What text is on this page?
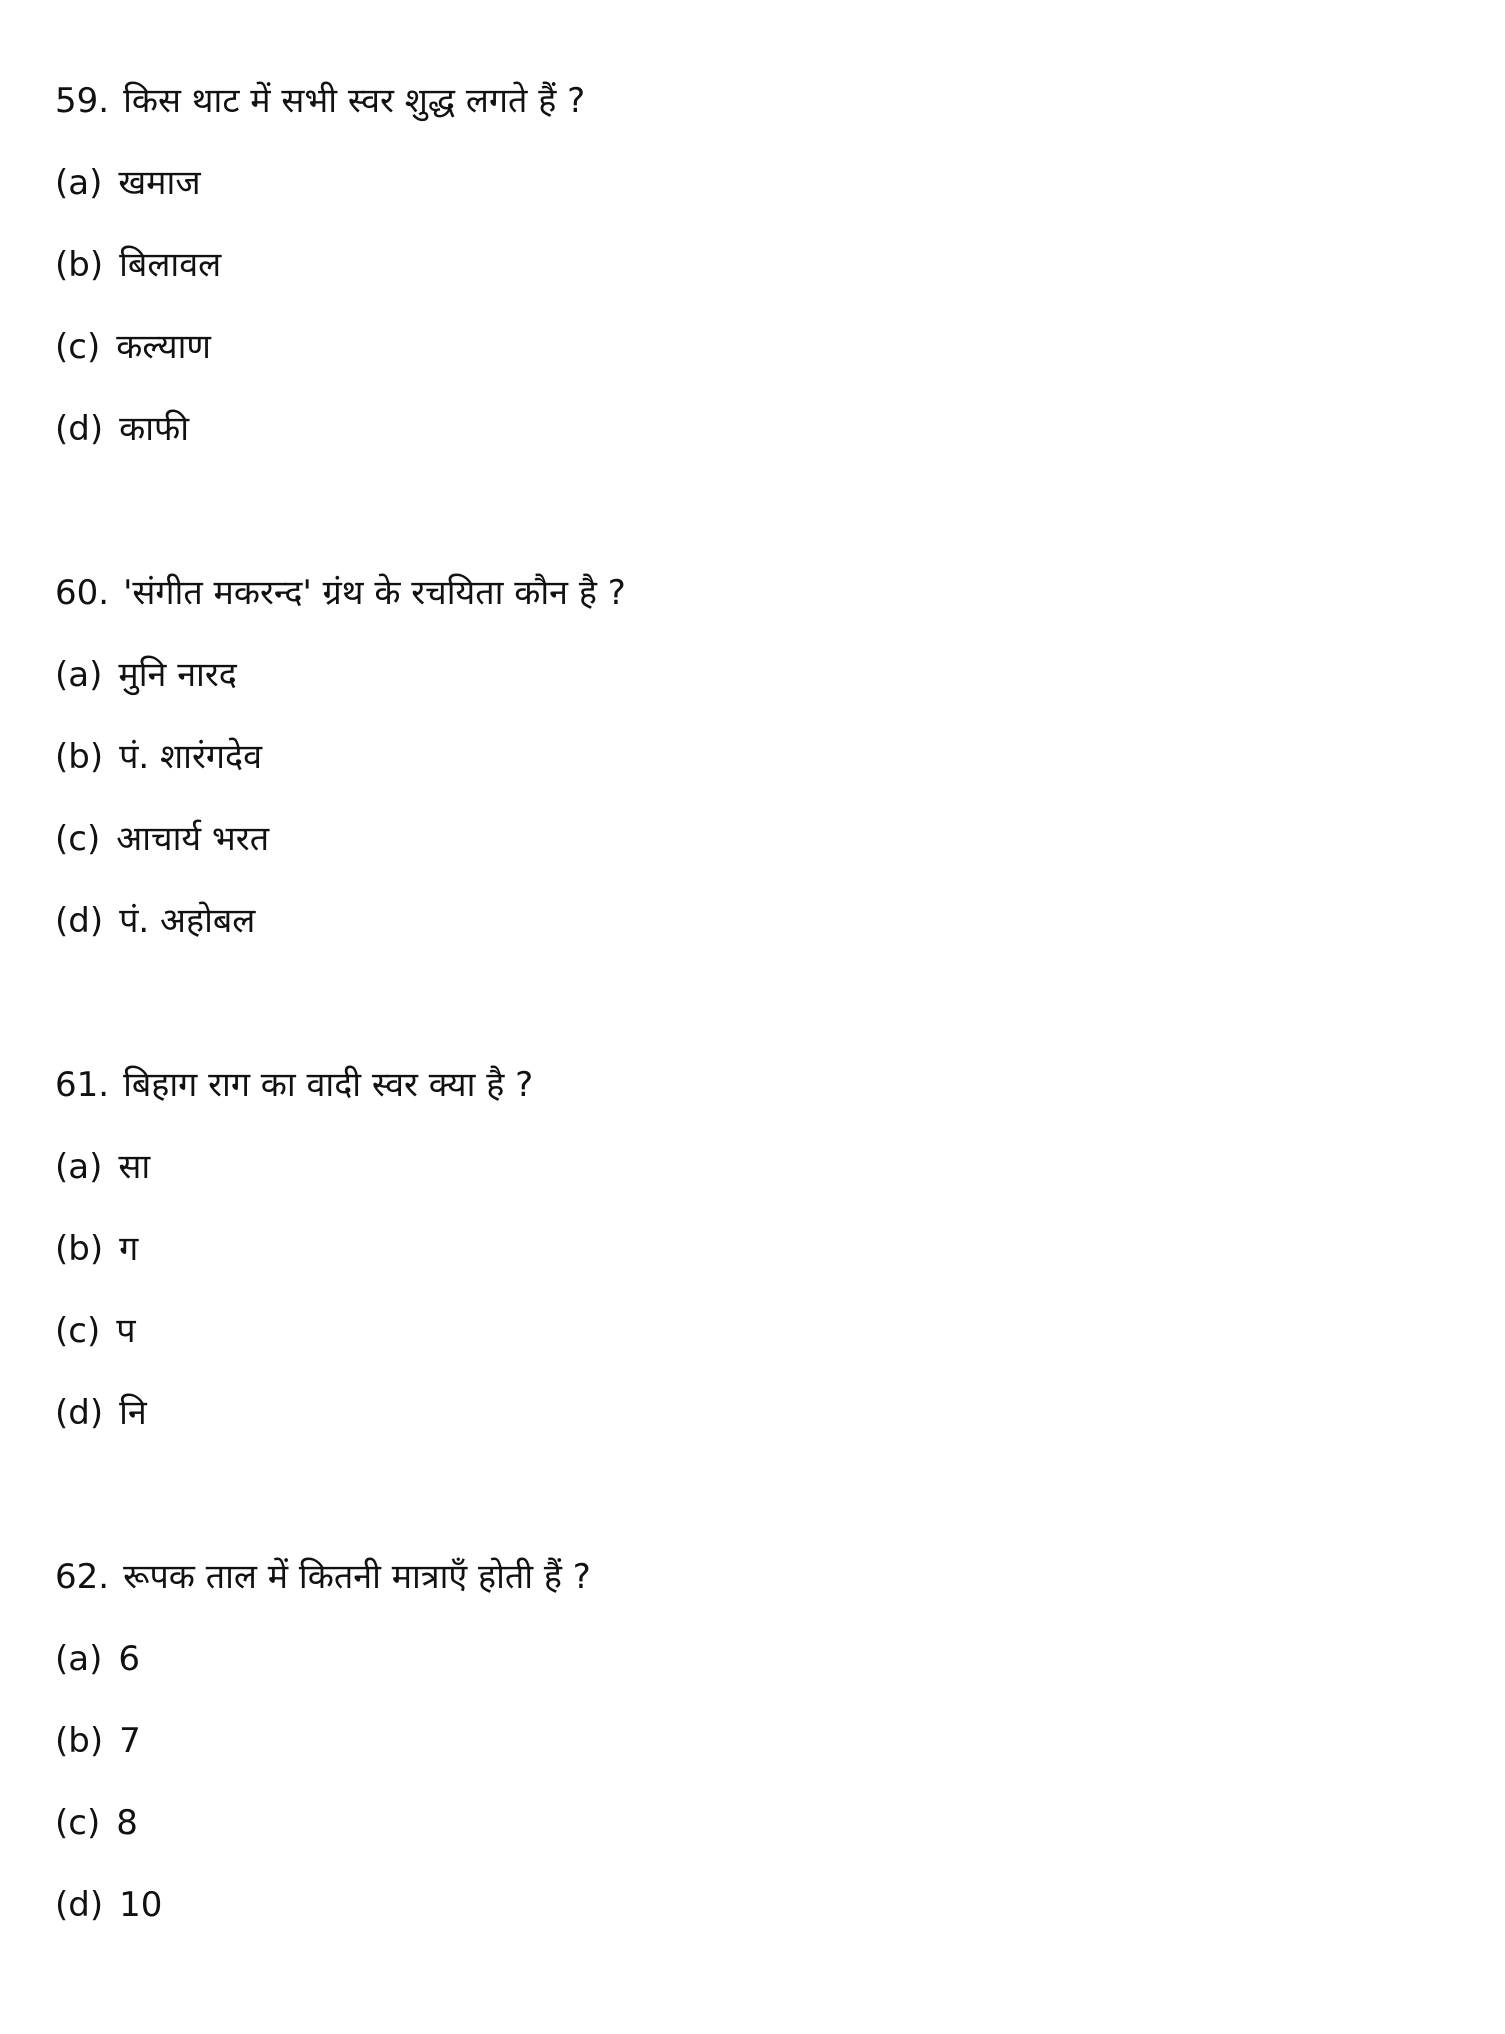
59. किस थाट में सभी स्वर शुद्ध लगते हैं ?
(a) खमाज
(b) बिलावल
(c) कल्याण
(d) काफी
60. 'संगीत मकरन्द' ग्रंथ के रचयिता कौन है ?
(a) मुनि नारद
(b) पं. शारंगदेव
(c) आचार्य भरत
(d) पं. अहोबल
61. बिहाग राग का वादी स्वर क्या है ?
(a) सा
(b) ग
(c) प
(d) नि
62. रूपक ताल में कितनी मात्राएँ होती हैं ?
(a) 6
(b) 7
(c) 8
(d) 10
